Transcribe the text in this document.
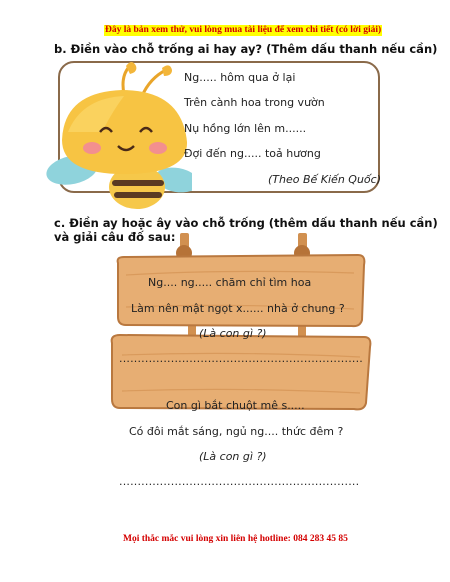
Đây là bản xem thử, vui lòng mua tài liệu để xem chi tiết (có lời giải)
b. Điền vào chỗ trống ai hay ay? (Thêm dấu thanh nếu cần)
Ng..... hôm qua ở lại
Trên cành hoa trong vườn
Nụ hồng lớn lên m......
Đợi đến ng..... toả hương
(Theo Bế Kiến Quốc)
c. Điền ay hoặc ây vào chỗ trống (thêm dấu thanh nếu cần)
và giải câu đố sau:
Ng.... ng..... chăm chỉ tìm hoa
Làm nên mật ngọt x...... nhà ở chung ?
(Là con gì ?)
..................................................................
Con gì bắt chuột mê s.....
Có đôi mắt sáng, ngủ ng.... thức đêm ?
(Là con gì ?)
.................................................................
Mọi thắc mắc vui lòng xin liên hệ hotline: 084 283 45 85
